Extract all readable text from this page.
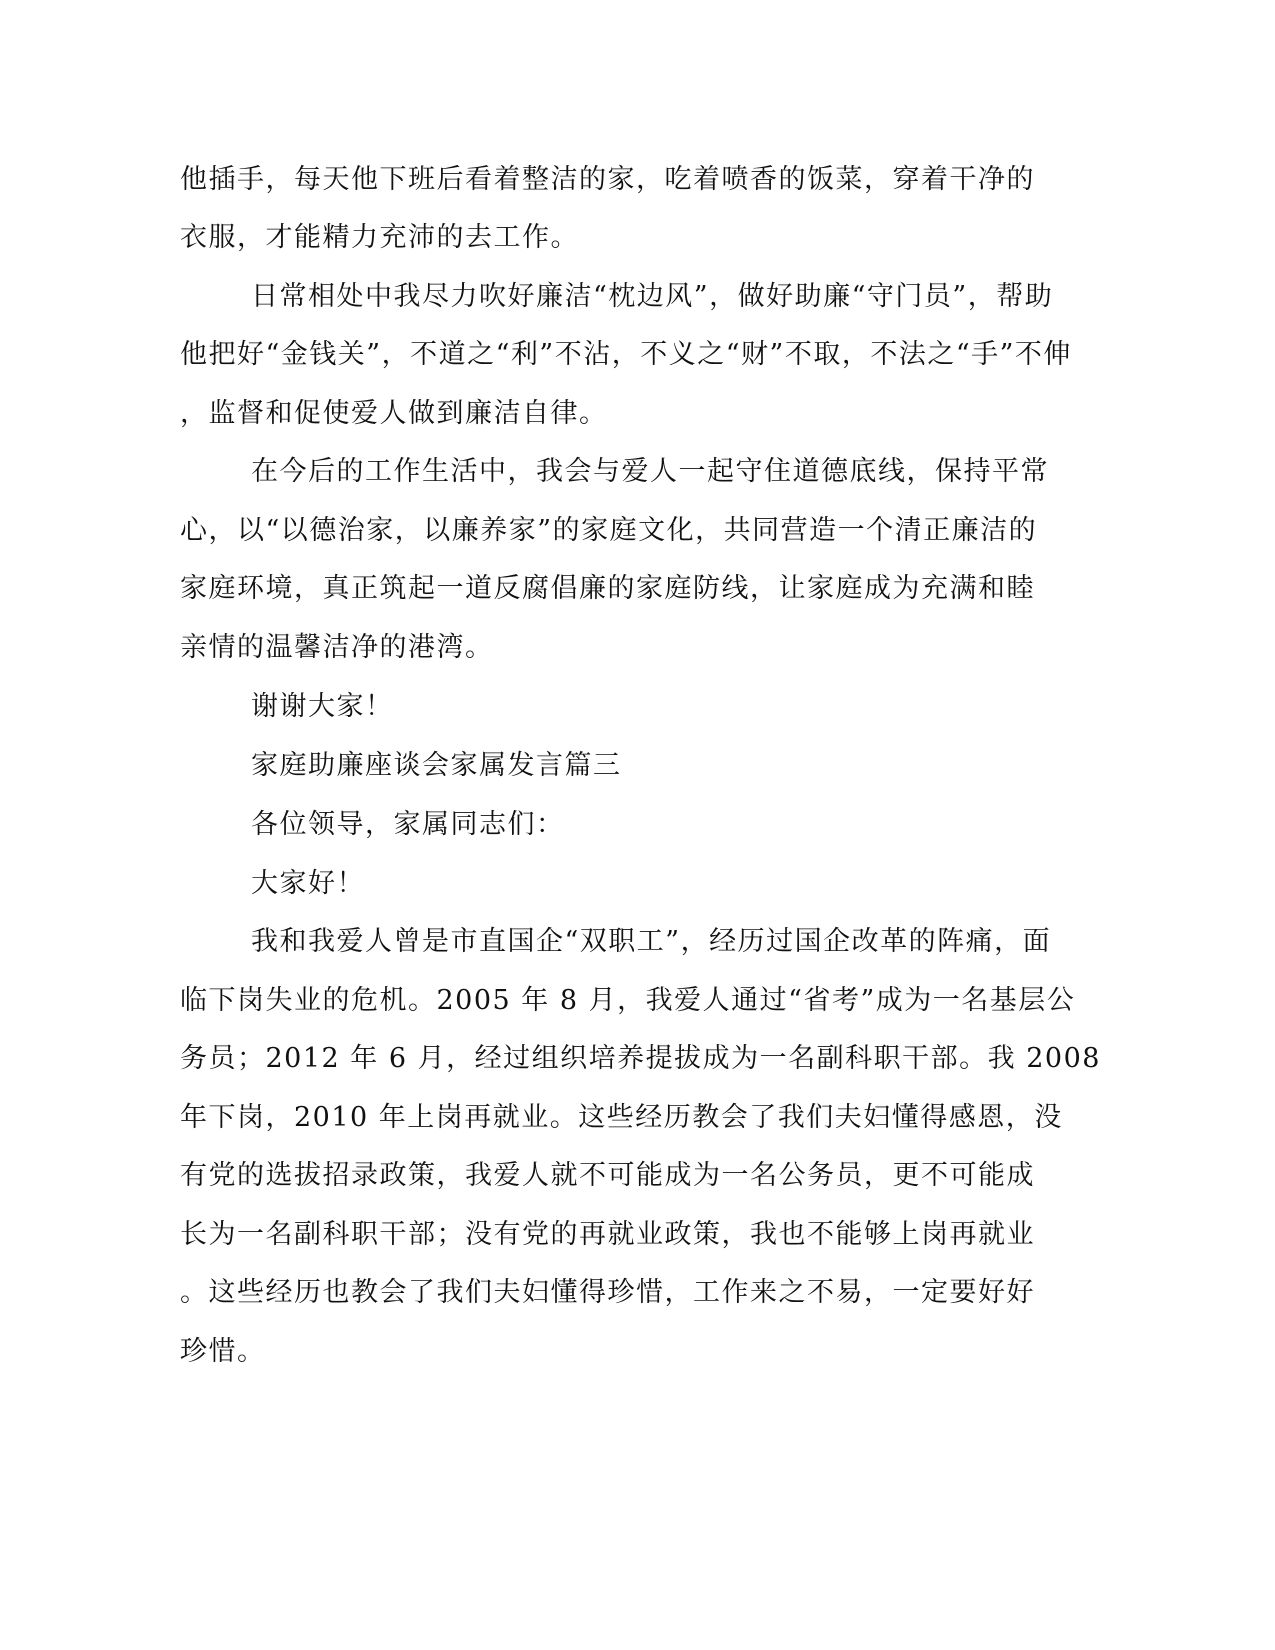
他插手，每天他下班后看着整洁的家，吃着喷香的饭菜，穿着干净的
衣服，才能精力充沛的去工作。
日常相处中我尽力吹好廉洁“枕边风”，做好助廉“守门员”，帮助
他把好“金钱关”，不道之“利”不沾，不义之“财”不取，不法之“手”不伸
，监督和促使爱人做到廉洁自律。
在今后的工作生活中，我会与爱人一起守住道德底线，保持平常
心，以“以德治家，以廉养家”的家庭文化，共同营造一个清正廉洁的
家庭环境，真正筑起一道反腐倡廉的家庭防线，让家庭成为充满和睦
亲情的温馨洁净的港湾。
谢谢大家！
家庭助廉座谈会家属发言篇三
各位领导，家属同志们：
大家好！
我和我爱人曾是市直国企“双职工”，经历过国企改革的阵痛，面
临下岗失业的危机。2005 年 8 月，我爱人通过“省考”成为一名基层公
务员；2012 年 6 月，经过组织培养提拔成为一名副科职干部。我 2008
年下岗，2010 年上岗再就业。这些经历教会了我们夫妇懂得感恩，没
有党的选拔招录政策，我爱人就不可能成为一名公务员，更不可能成
长为一名副科职干部；没有党的再就业政策，我也不能够上岗再就业
。这些经历也教会了我们夫妇懂得珍惜，工作来之不易，一定要好好
珍惜。
